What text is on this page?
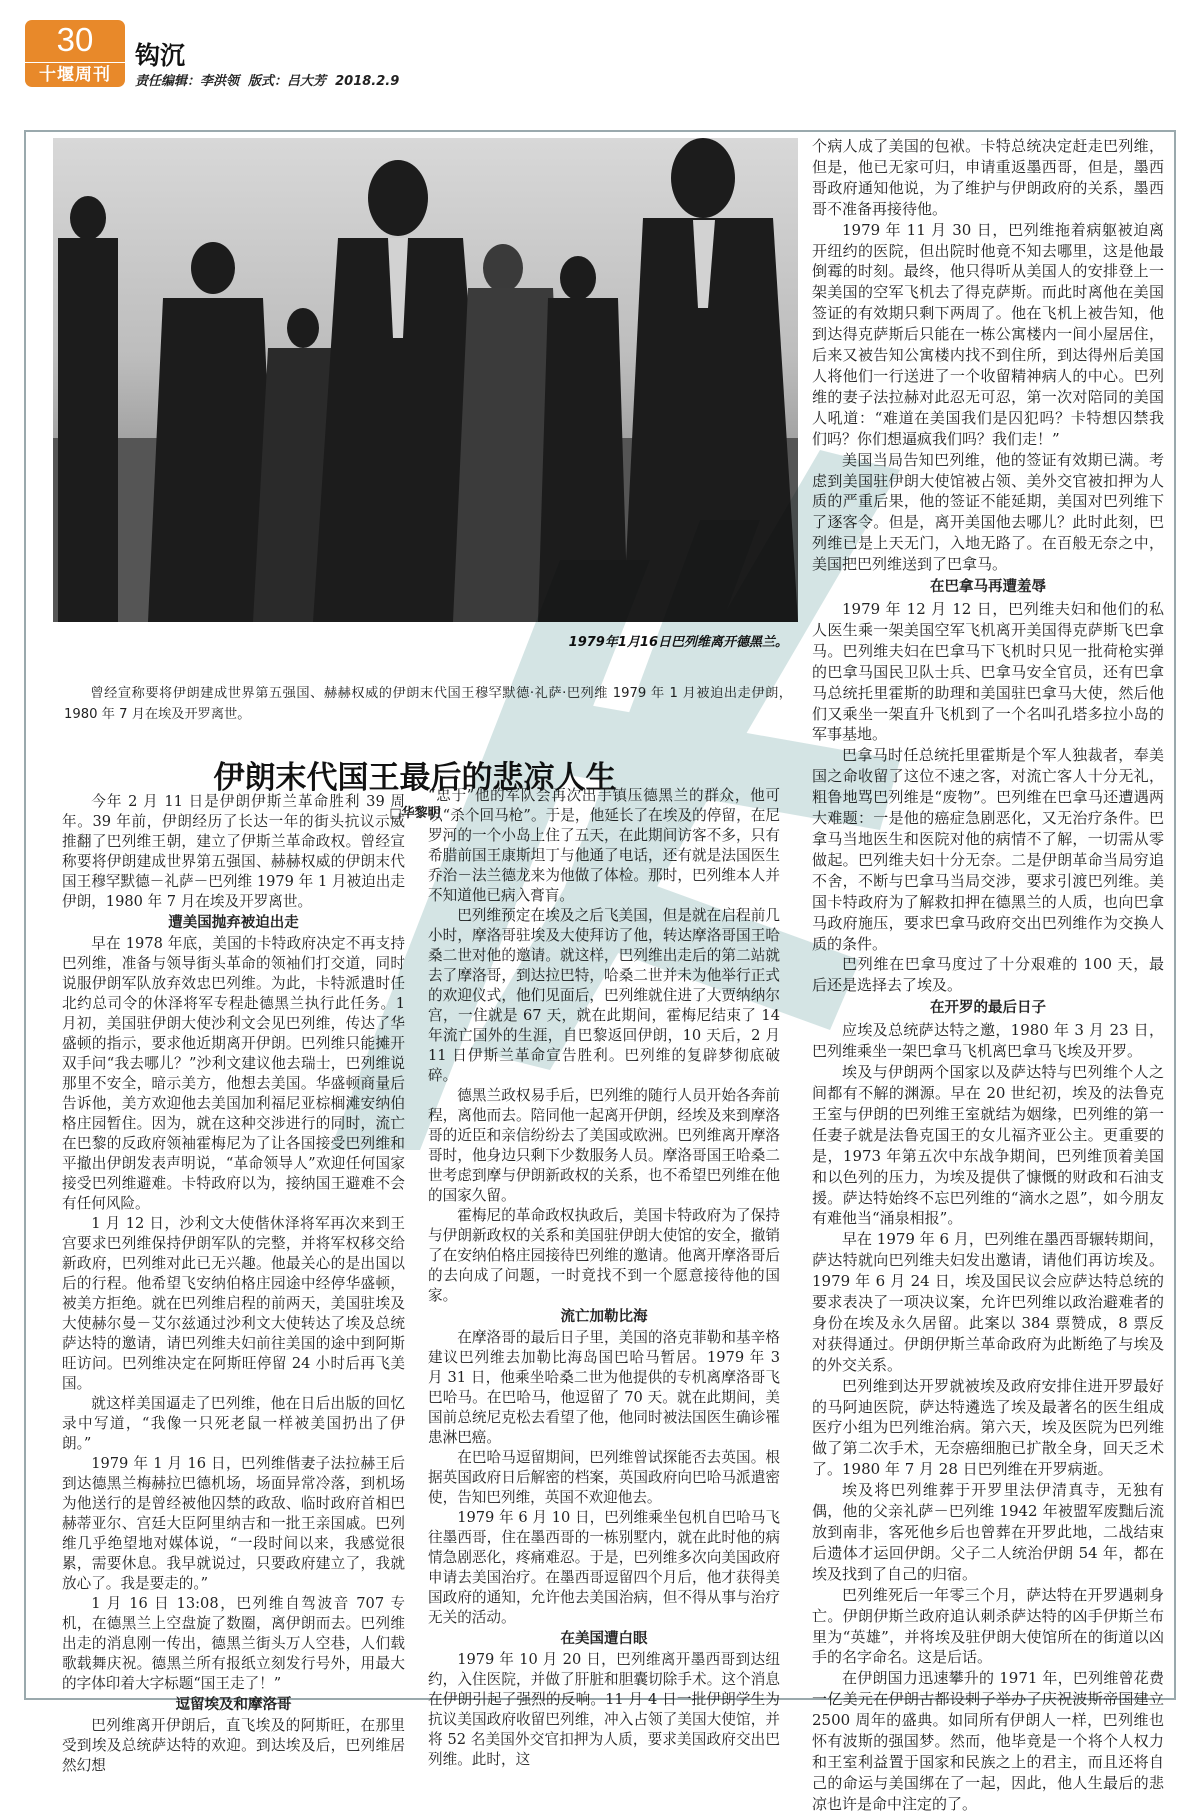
30
十堰周刊
钩沉
责任编辑：李洪领  版式：吕大芳  2018.2.9
1979年1月16日巴列维离开德黑兰。
曾经宣称要将伊朗建成世界第五强国、赫赫权威的伊朗末代国王穆罕默德·礼萨·巴列维 1979 年 1 月被迫出走伊朗，1980 年 7 月在埃及开罗离世。
伊朗末代国王最后的悲凉人生
□华黎明

今年 2 月 11 日是伊朗伊斯兰革命胜利 39 周年。39 年前，伊朗经历了长达一年的街头抗议示威推翻了巴列维王朝，建立了伊斯兰革命政权。曾经宣称要将伊朗建成世界第五强国、赫赫权威的伊朗末代国王穆罕默德－礼萨－巴列维 1979 年 1 月被迫出走伊朗，1980 年 7 月在埃及开罗离世。

遭美国抛弃被迫出走

早在 1978 年底，美国的卡特政府决定不再支持巴列维，准备与领导街头革命的领袖们打交道，同时说服伊朗军队放弃效忠巴列维。为此，卡特派遣时任北约总司令的休泽将军专程赴德黑兰执行此任务。1 月初，美国驻伊朗大使沙利文会见巴列维，传达了华盛顿的指示，要求他近期离开伊朗。巴列维只能摊开双手问“我去哪儿？”沙利文建议他去瑞士，巴列维说那里不安全，暗示美方，他想去美国。华盛顿商量后告诉他，美方欢迎他去美国加利福尼亚棕榈滩安纳伯格庄园暂住。因为，就在这种交涉进行的同时，流亡在巴黎的反政府领袖霍梅尼为了让各国接受巴列维和平撤出伊朗发表声明说，“革命领导人”欢迎任何国家接受巴列维避难。卡特政府以为，接纳国王避难不会有任何风险。

1 月 12 日，沙利文大使偕休泽将军再次来到王宫要求巴列维保持伊朗军队的完整，并将军权移交给新政府，巴列维对此已无兴趣。他最关心的是出国以后的行程。他希望飞安纳伯格庄园途中经停华盛顿，被美方拒绝。就在巴列维启程的前两天，美国驻埃及大使赫尔曼－艾尔兹通过沙利文大使转达了埃及总统萨达特的邀请，请巴列维夫妇前往美国的途中到阿斯旺访问。巴列维决定在阿斯旺停留 24 小时后再飞美国。

就这样美国逼走了巴列维，他在日后出版的回忆录中写道，“我像一只死老鼠一样被美国扔出了伊朗。”

1979 年 1 月 16 日，巴列维偕妻子法拉赫王后到达德黑兰梅赫拉巴德机场，场面异常冷落，到机场为他送行的是曾经被他囚禁的政敌、临时政府首相巴赫蒂亚尔、宫廷大臣阿里纳吉和一批王亲国戚。巴列维几乎绝望地对媒体说，“一段时间以来，我感觉很累，需要休息。我早就说过，只要政府建立了，我就放心了。我是要走的。”

1 月 16 日 13:08，巴列维自驾波音 707 专机，在德黑兰上空盘旋了数圈，离伊朗而去。巴列维出走的消息刚一传出，德黑兰街头万人空巷，人们载歌载舞庆祝。德黑兰所有报纸立刻发行号外，用最大的字体印着大字标题“国王走了！”

逗留埃及和摩洛哥

巴列维离开伊朗后，直飞埃及的阿斯旺，在那里受到埃及总统萨达特的欢迎。到达埃及后，巴列维居然幻想

“忠于”他的军队会再次出手镇压德黑兰的群众，他可以“杀个回马枪”。于是，他延长了在埃及的停留，在尼罗河的一个小岛上住了五天，在此期间访客不多，只有希腊前国王康斯坦丁与他通了电话，还有就是法国医生乔治－法兰德龙来为他做了体检。那时，巴列维本人并不知道他已病入膏肓。

巴列维预定在埃及之后飞美国，但是就在启程前几小时，摩洛哥驻埃及大使拜访了他，转达摩洛哥国王哈桑二世对他的邀请。就这样，巴列维出走后的第二站就去了摩洛哥，到达拉巴特，哈桑二世并未为他举行正式的欢迎仪式，他们见面后，巴列维就住进了大贾纳纳尔宫，一住就是 67 天，就在此期间，霍梅尼结束了 14 年流亡国外的生涯，自巴黎返回伊朗，10 天后，2 月 11 日伊斯兰革命宣告胜利。巴列维的复辟梦彻底破碎。

德黑兰政权易手后，巴列维的随行人员开始各奔前程，离他而去。陪同他一起离开伊朗，经埃及来到摩洛哥的近臣和亲信纷纷去了美国或欧洲。巴列维离开摩洛哥时，他身边只剩下少数服务人员。摩洛哥国王哈桑二世考虑到摩与伊朗新政权的关系，也不希望巴列维在他的国家久留。

霍梅尼的革命政权执政后，美国卡特政府为了保持与伊朗新政权的关系和美国驻伊朗大使馆的安全，撤销了在安纳伯格庄园接待巴列维的邀请。他离开摩洛哥后的去向成了问题，一时竟找不到一个愿意接待他的国家。

流亡加勒比海

在摩洛哥的最后日子里，美国的洛克菲勒和基辛格建议巴列维去加勒比海岛国巴哈马暂居。1979 年 3 月 31 日，他乘坐哈桑二世为他提供的专机离摩洛哥飞巴哈马。在巴哈马，他逗留了 70 天。就在此期间，美国前总统尼克松去看望了他，他同时被法国医生确诊罹患淋巴癌。

在巴哈马逗留期间，巴列维曾试探能否去英国。根据英国政府日后解密的档案，英国政府向巴哈马派遣密使，告知巴列维，英国不欢迎他去。

1979 年 6 月 10 日，巴列维乘坐包机自巴哈马飞往墨西哥，住在墨西哥的一栋别墅内，就在此时他的病情急剧恶化，疼痛难忍。于是，巴列维多次向美国政府申请去美国治疗。在墨西哥逗留四个月后，他才获得美国政府的通知，允许他去美国治病，但不得从事与治疗无关的活动。

在美国遭白眼

1979 年 10 月 20 日，巴列维离开墨西哥到达纽约，入住医院，并做了肝脏和胆囊切除手术。这个消息在伊朗引起了强烈的反响。11 月 4 日一批伊朗学生为抗议美国政府收留巴列维，冲入占领了美国大使馆，并将 52 名美国外交官扣押为人质，要求美国政府交出巴列维。此时，这

个病人成了美国的包袱。卡特总统决定赶走巴列维，但是，他已无家可归，申请重返墨西哥，但是，墨西哥政府通知他说，为了维护与伊朗政府的关系，墨西哥不准备再接待他。

1979 年 11 月 30 日，巴列维拖着病躯被迫离开纽约的医院，但出院时他竟不知去哪里，这是他最倒霉的时刻。最终，他只得听从美国人的安排登上一架美国的空军飞机去了得克萨斯。而此时离他在美国签证的有效期只剩下两周了。他在飞机上被告知，他到达得克萨斯后只能在一栋公寓楼内一间小屋居住，后来又被告知公寓楼内找不到住所，到达得州后美国人将他们一行送进了一个收留精神病人的中心。巴列维的妻子法拉赫对此忍无可忍，第一次对陪同的美国人吼道：“难道在美国我们是囚犯吗？卡特想囚禁我们吗？你们想逼疯我们吗？我们走！”

美国当局告知巴列维，他的签证有效期已满。考虑到美国驻伊朗大使馆被占领、美外交官被扣押为人质的严重后果，他的签证不能延期，美国对巴列维下了逐客令。但是，离开美国他去哪儿？此时此刻，巴列维已是上天无门，入地无路了。在百般无奈之中，美国把巴列维送到了巴拿马。

在巴拿马再遭羞辱

1979 年 12 月 12 日，巴列维夫妇和他们的私人医生乘一架美国空军飞机离开美国得克萨斯飞巴拿马。巴列维夫妇在巴拿马下飞机时只见一批荷枪实弹的巴拿马国民卫队士兵、巴拿马安全官员，还有巴拿马总统托里霍斯的助理和美国驻巴拿马大使，然后他们又乘坐一架直升飞机到了一个名叫孔塔多拉小岛的军事基地。

巴拿马时任总统托里霍斯是个军人独裁者，奉美国之命收留了这位不速之客，对流亡客人十分无礼，粗鲁地骂巴列维是“废物”。巴列维在巴拿马还遭遇两大难题：一是他的癌症急剧恶化，又无治疗条件。巴拿马当地医生和医院对他的病情不了解，一切需从零做起。巴列维夫妇十分无奈。二是伊朗革命当局穷追不舍，不断与巴拿马当局交涉，要求引渡巴列维。美国卡特政府为了解救扣押在德黑兰的人质，也向巴拿马政府施压，要求巴拿马政府交出巴列维作为交换人质的条件。

巴列维在巴拿马度过了十分艰难的 100 天，最后还是选择去了埃及。

在开罗的最后日子

应埃及总统萨达特之邀，1980 年 3 月 23 日，巴列维乘坐一架巴拿马飞机离巴拿马飞埃及开罗。

埃及与伊朗两个国家以及萨达特与巴列维个人之间都有不解的渊源。早在 20 世纪初，埃及的法鲁克王室与伊朗的巴列维王室就结为姻缘，巴列维的第一任妻子就是法鲁克国王的女儿福齐亚公主。更重要的是，1973 年第五次中东战争期间，巴列维顶着美国和以色列的压力，为埃及提供了慷慨的财政和石油支援。萨达特始终不忘巴列维的“滴水之恩”，如今朋友有难他当“涌泉相报”。

早在 1979 年 6 月，巴列维在墨西哥辗转期间，萨达特就向巴列维夫妇发出邀请，请他们再访埃及。1979 年 6 月 24 日，埃及国民议会应萨达特总统的要求表决了一项决议案，允许巴列维以政治避难者的身份在埃及永久居留。此案以 384 票赞成，8 票反对获得通过。伊朗伊斯兰革命政府为此断绝了与埃及的外交关系。

巴列维到达开罗就被埃及政府安排住进开罗最好的马阿迪医院，萨达特遴选了埃及最著名的医生组成医疗小组为巴列维治病。第六天，埃及医院为巴列维做了第二次手术，无奈癌细胞已扩散全身，回天乏术了。1980 年 7 月 28 日巴列维在开罗病逝。

埃及将巴列维葬于开罗里法伊清真寺，无独有偶，他的父亲礼萨－巴列维 1942 年被盟军废黜后流放到南非，客死他乡后也曾葬在开罗此地，二战结束后遗体才运回伊朗。父子二人统治伊朗 54 年，都在埃及找到了自己的归宿。

巴列维死后一年零三个月，萨达特在开罗遇刺身亡。伊朗伊斯兰政府追认刺杀萨达特的凶手伊斯兰布里为“英雄”，并将埃及驻伊朗大使馆所在的街道以凶手的名字命名。这是后话。

在伊朗国力迅速攀升的 1971 年，巴列维曾花费一亿美元在伊朗古都设剌子举办了庆祝波斯帝国建立 2500 周年的盛典。如同所有伊朗人一样，巴列维也怀有波斯的强国梦。然而，他毕竟是一个将个人权力和王室利益置于国家和民族之上的君主，而且还将自己的命运与美国绑在了一起，因此，他人生最后的悲凉也许是命中注定的了。
